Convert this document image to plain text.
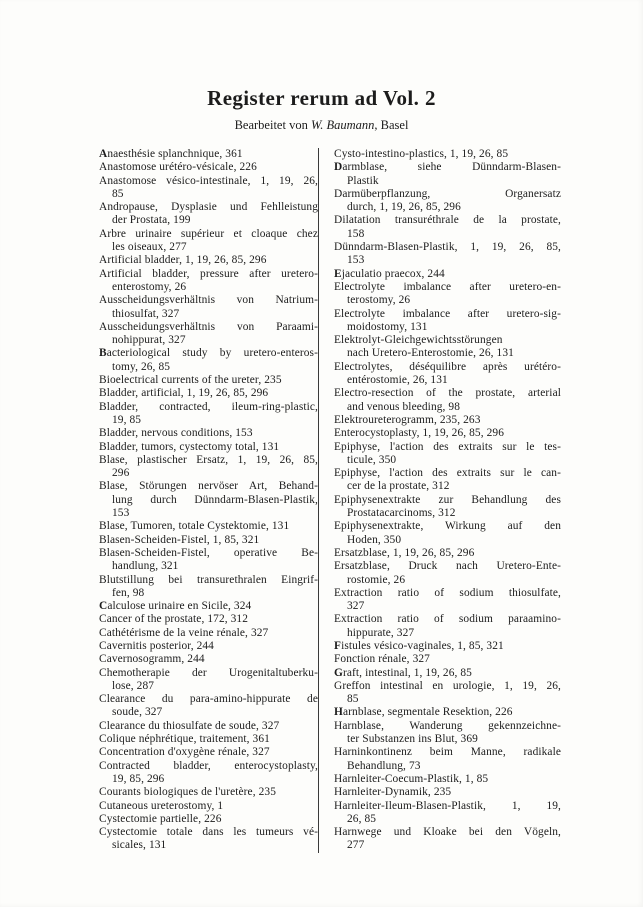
Register rerum ad Vol. 2
Bearbeitet von W. Baumann, Basel

Anaesthésie splanchnique, 361

Anastomose urétéro-vésicale, 226

Anastomose vésico-intestinale, 1, 19, 26,
85

Andropause, Dysplasie und Fehlleistung
der Prostata, 199

Arbre urinaire supérieur et cloaque chez
les oiseaux, 277

Artificial bladder, 1, 19, 26, 85, 296

Artificial bladder, pressure after uretero-
enterostomy, 26

Ausscheidungsverhältnis von Natrium-
thiosulfat, 327

Ausscheidungsverhältnis von Paraami-
nohippurat, 327

Bacteriological study by uretero-enteros-
tomy, 26, 85

Bioelectrical currents of the ureter, 235

Bladder, artificial, 1, 19, 26, 85, 296

Bladder, contracted, ileum-ring-plastic,
19, 85

Bladder, nervous conditions, 153

Bladder, tumors, cystectomy total, 131

Blase, plastischer Ersatz, 1, 19, 26, 85,
296

Blase, Störungen nervöser Art, Behand-
lung durch Dünndarm-Blasen-Plastik,
153

Blase, Tumoren, totale Cystektomie, 131

Blasen-Scheiden-Fistel, 1, 85, 321

Blasen-Scheiden-Fistel, operative Be-
handlung, 321

Blutstillung bei transurethralen Eingrif-
fen, 98

Calculose urinaire en Sicile, 324

Cancer of the prostate, 172, 312

Cathétérisme de la veine rénale, 327

Cavernitis posterior, 244

Cavernosogramm, 244

Chemotherapie der Urogenitaltuberku-
lose, 287

Clearance du para-amino-hippurate de
soude, 327

Clearance du thiosulfate de soude, 327

Colique néphrétique, traitement, 361

Concentration d'oxygène rénale, 327

Contracted bladder, enterocystoplasty,
19, 85, 296

Courants biologiques de l'uretère, 235

Cutaneous ureterostomy, 1

Cystectomie partielle, 226

Cystectomie totale dans les tumeurs vé-
sicales, 131

Cysto-intestino-plastics, 1, 19, 26, 85

Darmblase, siehe Dünndarm-Blasen-
Plastik

Darmüberpflanzung, Organersatz
durch, 1, 19, 26, 85, 296

Dilatation transuréthrale de la prostate,
158

Dünndarm-Blasen-Plastik, 1, 19, 26, 85,
153

Ejaculatio praecox, 244

Electrolyte imbalance after uretero-en-
terostomy, 26

Electrolyte imbalance after uretero-sig-
moidostomy, 131

Elektrolyt-Gleichgewichtsstörungen
nach Uretero-Enterostomie, 26, 131

Electrolytes, déséquilibre après urétéro-
entérostomie, 26, 131

Electro-resection of the prostate, arterial
and venous bleeding, 98

Elektroureterogramm, 235, 263

Enterocystoplasty, 1, 19, 26, 85, 296

Epiphyse, l'action des extraits sur le tes-
ticule, 350

Epiphyse, l'action des extraits sur le can-
cer de la prostate, 312

Epiphysenextrakte zur Behandlung des
Prostatacarcinoms, 312

Epiphysenextrakte, Wirkung auf den
Hoden, 350

Ersatzblase, 1, 19, 26, 85, 296

Ersatzblase, Druck nach Uretero-Ente-
rostomie, 26

Extraction ratio of sodium thiosulfate,
327

Extraction ratio of sodium paraamino-
hippurate, 327

Fistules vésico-vaginales, 1, 85, 321

Fonction rénale, 327

Graft, intestinal, 1, 19, 26, 85

Greffon intestinal en urologie, 1, 19, 26,
85

Harnblase, segmentale Resektion, 226

Harnblase, Wanderung gekennzeichne-
ter Substanzen ins Blut, 369

Harninkontinenz beim Manne, radikale
Behandlung, 73

Harnleiter-Coecum-Plastik, 1, 85

Harnleiter-Dynamik, 235

Harnleiter-Ileum-Blasen-Plastik, 1, 19,
26, 85

Harnwege und Kloake bei den Vögeln,
277
